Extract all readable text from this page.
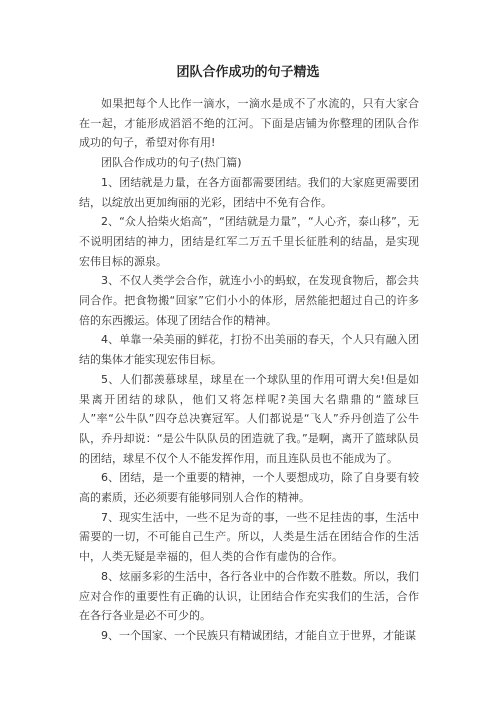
团队合作成功的句子精选

如果把每个人比作一滴水，一滴水是成不了水流的，只有大家合在一起，才能形成滔滔不绝的江河。下面是店铺为你整理的团队合作成功的句子，希望对你有用!

团队合作成功的句子(热门篇)

1、团结就是力量，在各方面都需要团结。我们的大家庭更需要团结，以绽放出更加绚丽的光彩，团结中不免有合作。

2、“众人拾柴火焰高”，“团结就是力量”，“人心齐，泰山移”，无不说明团结的神力，团结是红军二万五千里长征胜利的结晶，是实现宏伟目标的源泉。

3、不仅人类学会合作，就连小小的蚂蚁，在发现食物后，都会共同合作。把食物搬“回家”它们小小的体形，居然能把超过自己的许多倍的东西搬运。体现了团结合作的精神。

4、单靠一朵美丽的鲜花，打扮不出美丽的春天，个人只有融入团结的集体才能实现宏伟目标。

5、人们都羡慕球星，球星在一个球队里的作用可谓大矣!但是如果离开团结的球队，他们又将怎样呢?美国大名鼎鼎的“篮球巨人”率“公牛队”四夺总决赛冠军。人们都说是“飞人”乔丹创造了公牛队，乔丹却说：“是公牛队队员的团造就了我。”是啊，离开了篮球队员的团结，球星不仅个人不能发挥作用，而且连队员也不能成为了。

6、团结，是一个重要的精神，一个人要想成功，除了自身要有较高的素质，还必须要有能够同别人合作的精神。

7、现实生活中，一些不足为奇的事，一些不足挂齿的事，生活中需要的一切，不可能自己生产。所以，人类是生活在团结合作的生活中，人类无疑是幸福的，但人类的合作有虚伪的合作。

8、炫丽多彩的生活中，各行各业中的合作数不胜数。所以，我们应对合作的重要性有正确的认识，让团结合作充实我们的生活，合作在各行各业是必不可少的。

9、一个国家、一个民族只有精诚团结，才能自立于世界，才能谋
